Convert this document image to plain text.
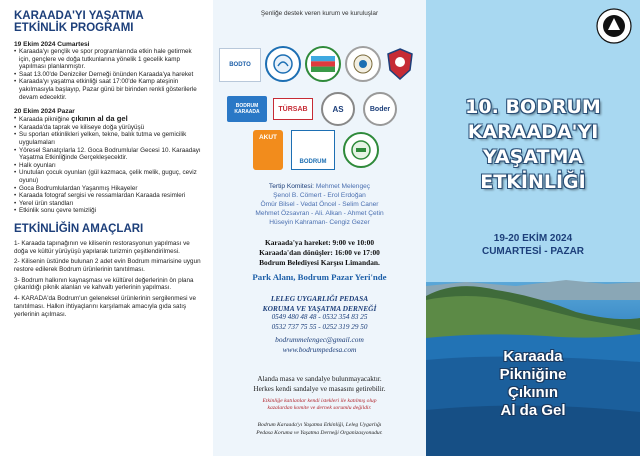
KARAADA'YI YAŞATMA
ETKİNLİK PROGRAMI
19 Ekim 2024 Cumartesi
• Karaada'yı gençlik ve spor programlarında etkin hale getirmek için, gençlere ve doğa tutkunlarına yönelik 1 gecelik kamp yapılması planlanmıştır.
• Saat 13.00'de Denizciler Derneği önünden Karaada'ya hareket
• Karaada'yı yaşatma etkinliği saat 17:00'de Kamp ateşinin yakılmasıyla başlayıp, Pazar günü bir birinden renkli gösterilerle devam edecektir.
20 Ekim 2024 Pazar
• Karaada pikniğine çıkının al da gel
• Karaada'da taprak ve kiliseye doğa yürüyüşü
• Su sporları etkinlikleri yelken, tekne, balık tutma ve gemicilik uygulamaları
• Yöresel Sanatçılarla 12. Goca Bodrumlular Gecesi 10. Karaadayı Yaşatma Etkinliğinde Gerçekleşecektir.
• Halk oyunları
• Unutulan çocuk oyunları (gül kazmaca, çelik melik, guguç, ceviz oyunu)
• Goca Bodrumlulardan Yaşanmış Hikayeler
• Karaada fotograf sergisi ve ressamlardan Karaada resimleri
• Yerel ürün standları
• Etkinlik sonu çevre temizliği
ETKİNLİĞİN AMAÇLARI

1- Karaada tapınağının ve kilisenin restorasyonun yapılması ve doğa ve kültür yürüyüşü yapılarak turizmin çeşitlendirilmesi.

2- Kilisenin üstünde bulunan 2 adet evin Bodrum mimarisine uygun restore edilerek Bodrum ürünlerinin tanıtılması.

3- Bodrum halkının kaynaşması ve kültürel değerlerinin ön plana çıkarıldığı piknik alanları ve kahvaltı yerlerinin yapılması.

4- KARADA'da Bodrum'un geleneksel ürünlerinin sergilenmesi ve tanıtılması. Halkın ihtiyaçlarını karşılamak amacıyla gıda satış yerlerinin açılması.

Şenliğe destek veren kurum ve kuruluşlar
BODTO
BODRUM KARAADA	TÜRSAB	AS	Boder
AKUT
BODRUM
Tertip Komitesi: Mehmet Melengeç
Şenol B. Cömert - Erol Erdoğan
Ömür Bilsel - Vedat Öncel - Selim Caner
Mehmet Özsavran - Ali. Alkan - Ahmet Çetin
Hüseyin Kahraman- Cengiz Gezer
Karaada'ya hareket: 9:00 ve 10:00
Karaada'dan dönüşler: 16:00 ve 17:00
Bodrum Belediyesi Karşısı Limandan.
Park Alanı, Bodrum Pazar Yeri'nde
LELEG UYGARLIĞI PEDASA
KORUMA VE YAŞATMA DERNEĞİ
0549 480 48 48 - 0532 354 83 25
0532 737 75 55 - 0252 319 29 50
bodrummelengec@gmail.com
www.bodrumpedesa.com
Alanda masa ve sandalye bulunmayacaktır.
Herkes kendi sandalye ve masasını getirebilir.
Etkinliğe katılanlar kendi istekleri ile katılmış olup
kazalardan komite ve dernek sorumlu değildir.
Bodrum Karaada'yı Yaşatma Etkinliği, Leleg Uygarlığı
Pedasa Koruma ve Yaşatma Derneği Organizasyonudur.
10. BODRUM
KARAADA'YI
YAŞATMA
ETKİNLİĞİ
19-20 EKİM 2024
CUMARTESİ - PAZAR
Karaada
Pikniğine
Çıkının
Al da Gel
